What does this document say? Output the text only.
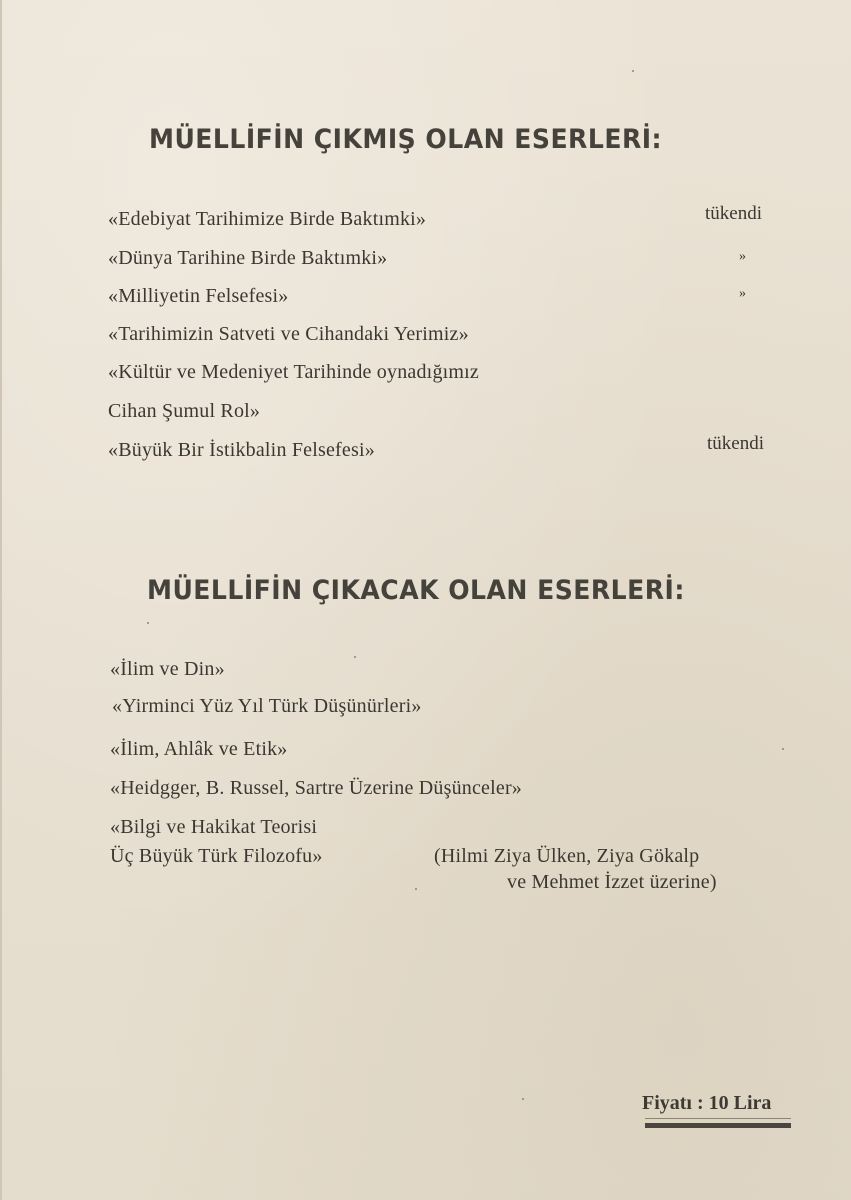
MÜELLİFİN ÇIKMIŞ OLAN ESERLERİ:
«Edebiyat Tarihimize Birde Baktımki»	tükendi
«Dünya Tarihine Birde Baktımki»	»
«Milliyetin Felsefesi»	»
«Tarihimizin Satveti ve Cihandaki Yerimiz»
«Kültür ve Medeniyet Tarihinde oynadığımız
Cihan Şumul Rol»
«Büyük Bir İstikbalin Felsefesi»	tükendi
MÜELLİFİN ÇIKACAK OLAN ESERLERİ:
«İlim ve Din»
«Yirminci Yüz Yıl Türk Düşünürleri»
«İlim, Ahlâk ve Etik»
«Heidgger, B. Russel, Sartre Üzerine Düşünceler»
«Bilgi ve Hakikat Teorisi
Üç Büyük Türk Filozofu»	(Hilmi Ziya Ülken, Ziya Gökalp
ve Mehmet İzzet üzerine)
Fiyatı : 10 Lira
